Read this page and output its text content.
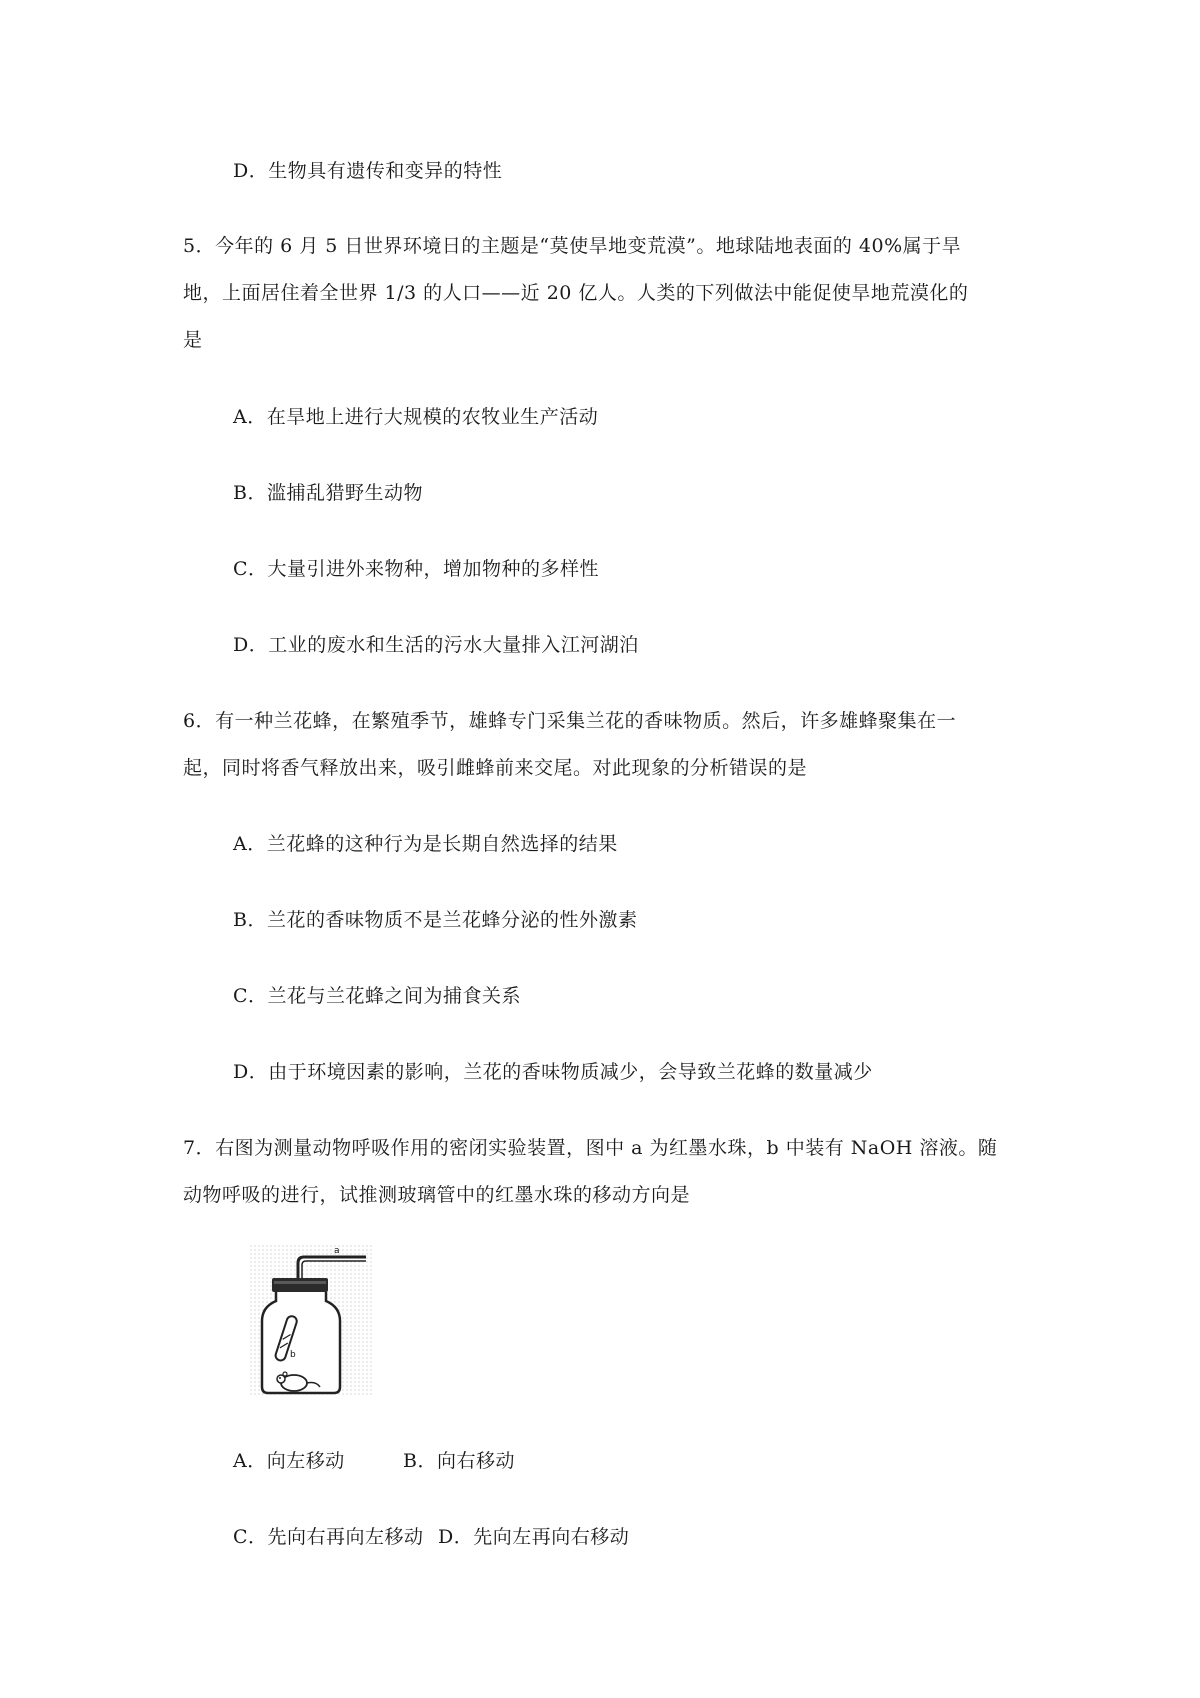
D．生物具有遗传和变异的特性
5．今年的 6 月 5 日世界环境日的主题是“莫使旱地变荒漠”。地球陆地表面的 40%属于旱
地，上面居住着全世界 1/3 的人口——近 20 亿人。人类的下列做法中能促使旱地荒漠化的
是
A．在旱地上进行大规模的农牧业生产活动
B．滥捕乱猎野生动物
C．大量引进外来物种，增加物种的多样性
D．工业的废水和生活的污水大量排入江河湖泊
6．有一种兰花蜂，在繁殖季节，雄蜂专门采集兰花的香味物质。然后，许多雄蜂聚集在一
起，同时将香气释放出来，吸引雌蜂前来交尾。对此现象的分析错误的是
A．兰花蜂的这种行为是长期自然选择的结果
B．兰花的香味物质不是兰花蜂分泌的性外激素
C．兰花与兰花蜂之间为捕食关系
D．由于环境因素的影响，兰花的香味物质减少，会导致兰花蜂的数量减少
7．右图为测量动物呼吸作用的密闭实验装置，图中 a 为红墨水珠，b 中装有 NaOH 溶液。随
动物呼吸的进行，试推测玻璃管中的红墨水珠的移动方向是
a
b
A．向左移动	B．向右移动
C．先向右再向左移动 D．先向左再向右移动
